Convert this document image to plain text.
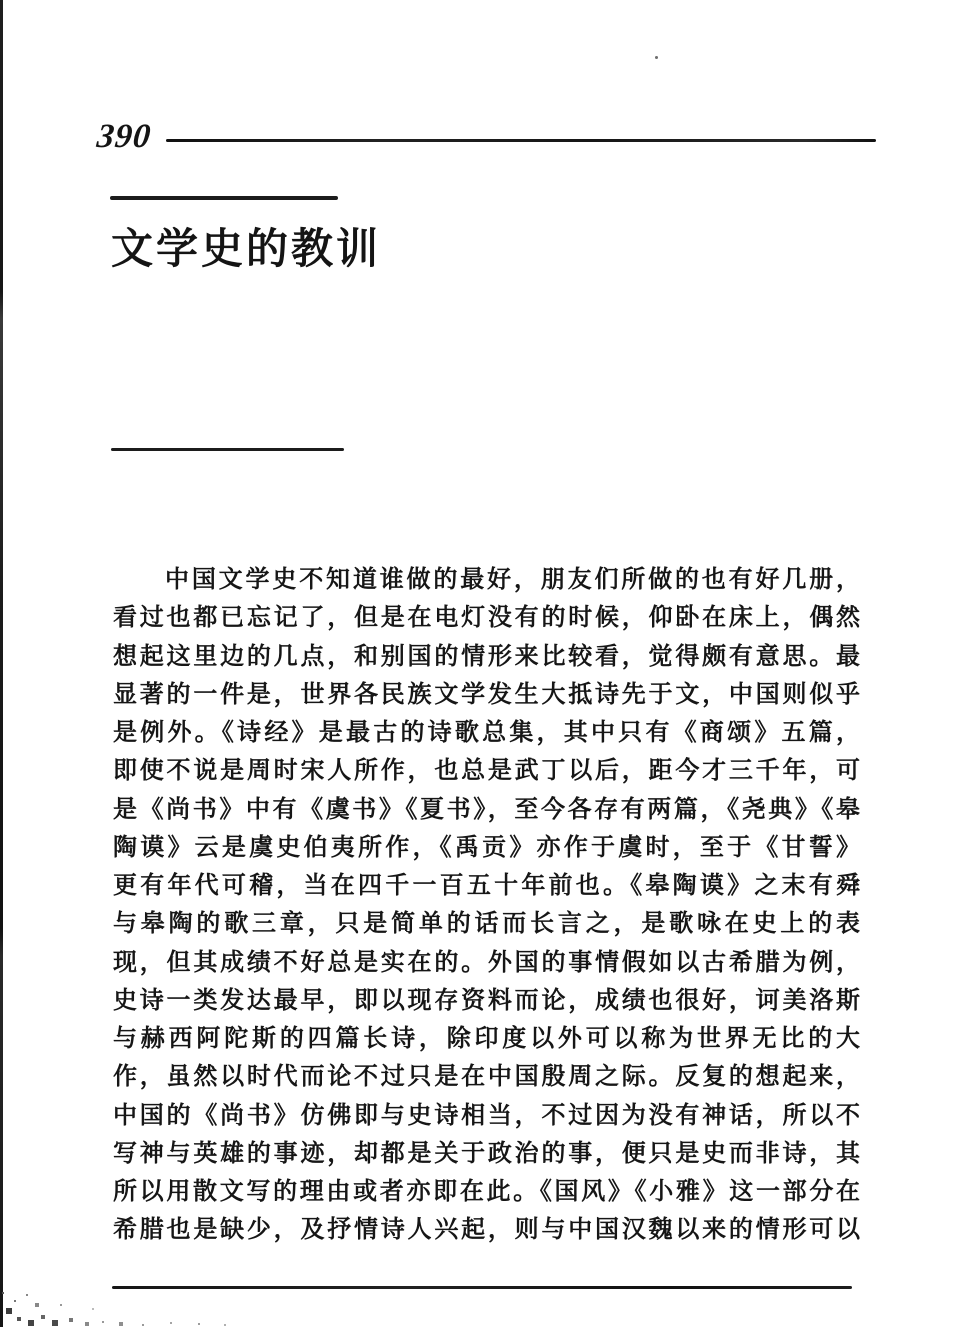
390
文学史的教训
中国文学史不知道谁做的最好，朋友们所做的也有好几册，
看过也都已忘记了，但是在电灯没有的时候，仰卧在床上，偶然
想起这里边的几点，和别国的情形来比较看，觉得颇有意思。最
显著的一件是，世界各民族文学发生大抵诗先于文，中国则似乎
是例外。《诗经》是最古的诗歌总集，其中只有《商颂》五篇，
即使不说是周时宋人所作，也总是武丁以后，距今才三千年，可
是《尚书》中有《虞书》《夏书》，至今各存有两篇，《尧典》《皋
陶谟》云是虞史伯夷所作，《禹贡》亦作于虞时，至于《甘誓》
更有年代可稽，当在四千一百五十年前也。《皋陶谟》之末有舜
与皋陶的歌三章，只是简单的话而长言之，是歌咏在史上的表
现，但其成绩不好总是实在的。外国的事情假如以古希腊为例，
史诗一类发达最早，即以现存资料而论，成绩也很好，诃美洛斯
与赫西阿陀斯的四篇长诗，除印度以外可以称为世界无比的大
作，虽然以时代而论不过只是在中国殷周之际。反复的想起来，
中国的《尚书》仿佛即与史诗相当，不过因为没有神话，所以不
写神与英雄的事迹，却都是关于政治的事，便只是史而非诗，其
所以用散文写的理由或者亦即在此。《国风》《小雅》这一部分在
希腊也是缺少，及抒情诗人兴起，则与中国汉魏以来的情形可以
